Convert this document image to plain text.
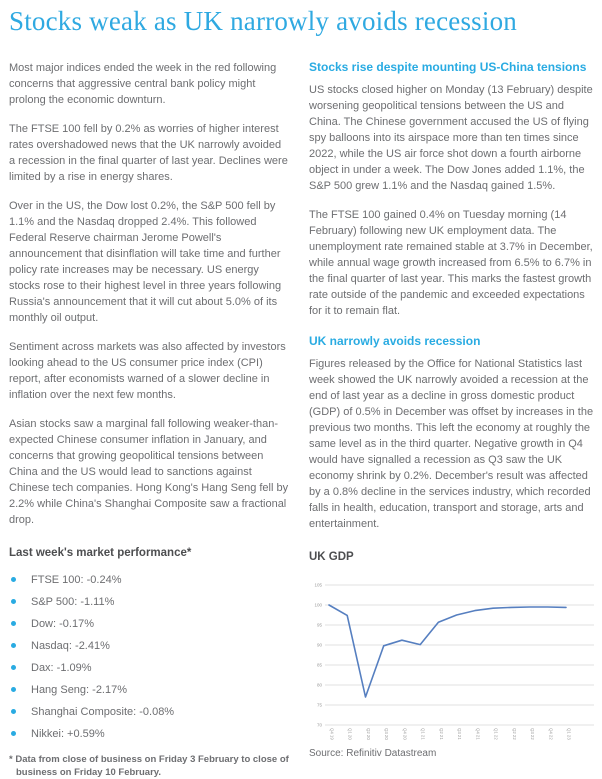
Stocks weak as UK narrowly avoids recession

Most major indices ended the week in the red following concerns that aggressive central bank policy might prolong the economic downturn.

The FTSE 100 fell by 0.2% as worries of higher interest rates overshadowed news that the UK narrowly avoided a recession in the final quarter of last year. Declines were limited by a rise in energy shares.

Over in the US, the Dow lost 0.2%, the S&P 500 fell by 1.1% and the Nasdaq dropped 2.4%. This followed Federal Reserve chairman Jerome Powell's announcement that disinflation will take time and further policy rate increases may be necessary. US energy stocks rose to their highest level in three years following Russia's announcement that it will cut about 5.0% of its monthly oil output.

Sentiment across markets was also affected by investors looking ahead to the US consumer price index (CPI) report, after economists warned of a slower decline in inflation over the next few months.

Asian stocks saw a marginal fall following weaker-than-expected Chinese consumer inflation in January, and concerns that growing geopolitical tensions between China and the US would lead to sanctions against Chinese tech companies. Hong Kong's Hang Seng fell by 2.2% while China's Shanghai Composite saw a fractional drop.

Last week's market performance*
FTSE 100: -0.24%
S&P 500: -1.11%
Dow: -0.17%
Nasdaq: -2.41%
Dax: -1.09%
Hang Seng: -2.17%
Shanghai Composite: -0.08%
Nikkei: +0.59%
* Data from close of business on Friday 3 February to close of business on Friday 10 February.
Stocks rise despite mounting US-China tensions

US stocks closed higher on Monday (13 February) despite worsening geopolitical tensions between the US and China. The Chinese government accused the US of flying spy balloons into its airspace more than ten times since 2022, while the US air force shot down a fourth airborne object in under a week. The Dow Jones added 1.1%, the S&P 500 grew 1.1% and the Nasdaq gained 1.5%.

The FTSE 100 gained 0.4% on Tuesday morning (14 February) following new UK employment data. The unemployment rate remained stable at 3.7% in December, while annual wage growth increased from 6.5% to 6.7% in the final quarter of last year. This marks the fastest growth rate outside of the pandemic and exceeded expectations for it to remain flat.

UK narrowly avoids recession

Figures released by the Office for National Statistics last week showed the UK narrowly avoided a recession at the end of last year as a decline in gross domestic product (GDP) of 0.5% in December was offset by increases in the previous two months. This left the economy at roughly the same level as in the third quarter. Negative growth in Q4 would have signalled a recession as Q3 saw the UK economy shrink by 0.2%. December's result was affected by a 0.8% decline in the services industry, which recorded falls in health, education, transport and storage, arts and entertainment.

UK GDP
105
100
95
90
85
80
75
70
Q4 19	Q1 20	Q2 20	Q3 20	Q4 20	Q1 21	Q2 21	Q3 21	Q4 21	Q1 22	Q2 22	Q3 22	Q4 22	Q1 23
Source: Refinitiv Datastream
